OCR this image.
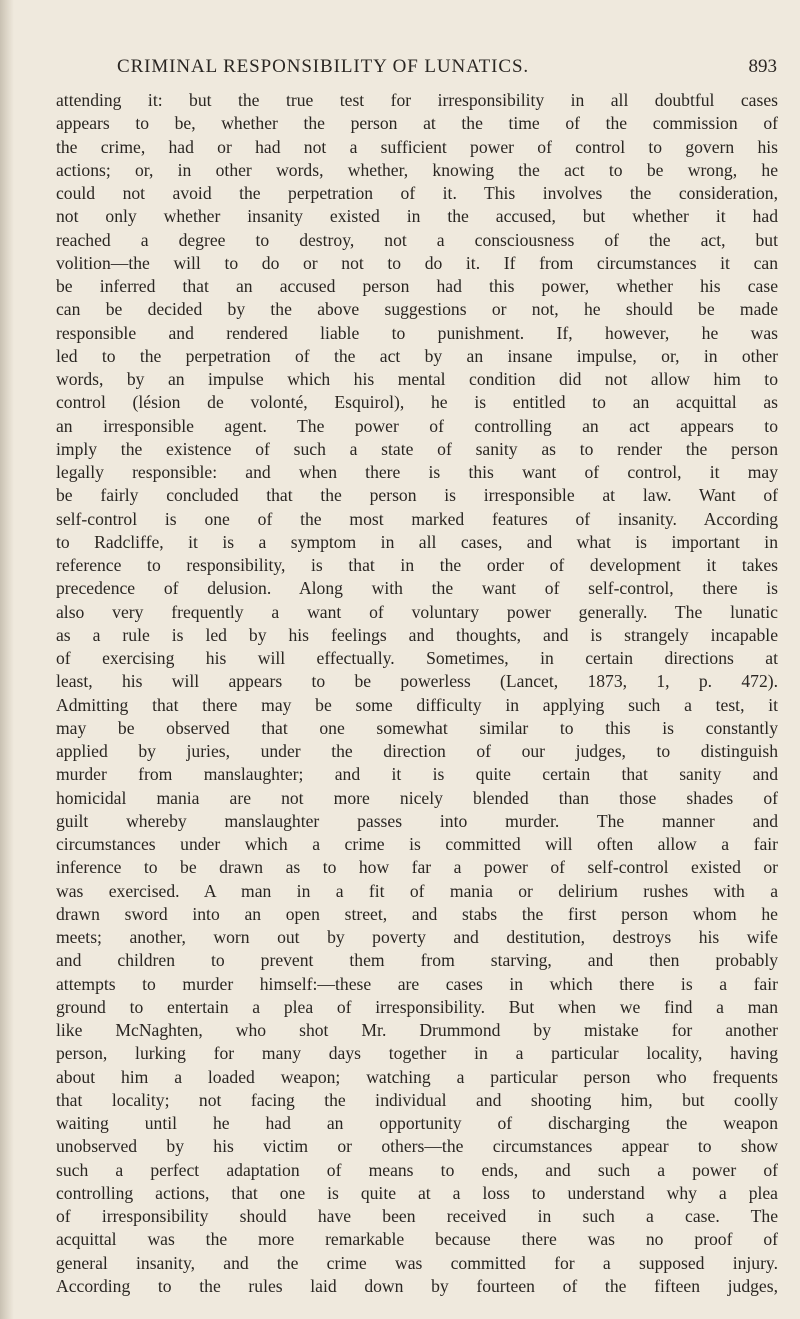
CRIMINAL RESPONSIBILITY OF LUNATICS.	893
attending it: but the true test for irresponsibility in all doubtful cases
appears to be, whether the person at the time of the commission of
the crime, had or had not a sufficient power of control to govern his
actions; or, in other words, whether, knowing the act to be wrong, he
could not avoid the perpetration of it. This involves the consideration,
not only whether insanity existed in the accused, but whether it had
reached a degree to destroy, not a consciousness of the act, but
volition—the will to do or not to do it. If from circumstances it can
be inferred that an accused person had this power, whether his case
can be decided by the above suggestions or not, he should be made
responsible and rendered liable to punishment. If, however, he was
led to the perpetration of the act by an insane impulse, or, in other
words, by an impulse which his mental condition did not allow him to
control (lésion de volonté, Esquirol), he is entitled to an acquittal as
an irresponsible agent. The power of controlling an act appears to
imply the existence of such a state of sanity as to render the person
legally responsible: and when there is this want of control, it may
be fairly concluded that the person is irresponsible at law. Want of
self-control is one of the most marked features of insanity. According
to Radcliffe, it is a symptom in all cases, and what is important in
reference to responsibility, is that in the order of development it takes
precedence of delusion. Along with the want of self-control, there is
also very frequently a want of voluntary power generally. The lunatic
as a rule is led by his feelings and thoughts, and is strangely incapable
of exercising his will effectually. Sometimes, in certain directions at
least, his will appears to be powerless (Lancet, 1873, 1, p. 472).
Admitting that there may be some difficulty in applying such a test, it
may be observed that one somewhat similar to this is constantly
applied by juries, under the direction of our judges, to distinguish
murder from manslaughter; and it is quite certain that sanity and
homicidal mania are not more nicely blended than those shades of
guilt whereby manslaughter passes into murder. The manner and
circumstances under which a crime is committed will often allow a fair
inference to be drawn as to how far a power of self-control existed or
was exercised. A man in a fit of mania or delirium rushes with a
drawn sword into an open street, and stabs the first person whom he
meets; another, worn out by poverty and destitution, destroys his wife
and children to prevent them from starving, and then probably
attempts to murder himself:—these are cases in which there is a fair
ground to entertain a plea of irresponsibility. But when we find a man
like McNaghten, who shot Mr. Drummond by mistake for another
person, lurking for many days together in a particular locality, having
about him a loaded weapon; watching a particular person who frequents
that locality; not facing the individual and shooting him, but coolly
waiting until he had an opportunity of discharging the weapon
unobserved by his victim or others—the circumstances appear to show
such a perfect adaptation of means to ends, and such a power of
controlling actions, that one is quite at a loss to understand why a plea
of irresponsibility should have been received in such a case. The
acquittal was the more remarkable because there was no proof of
general insanity, and the crime was committed for a supposed injury.
According to the rules laid down by fourteen of the fifteen judges,
